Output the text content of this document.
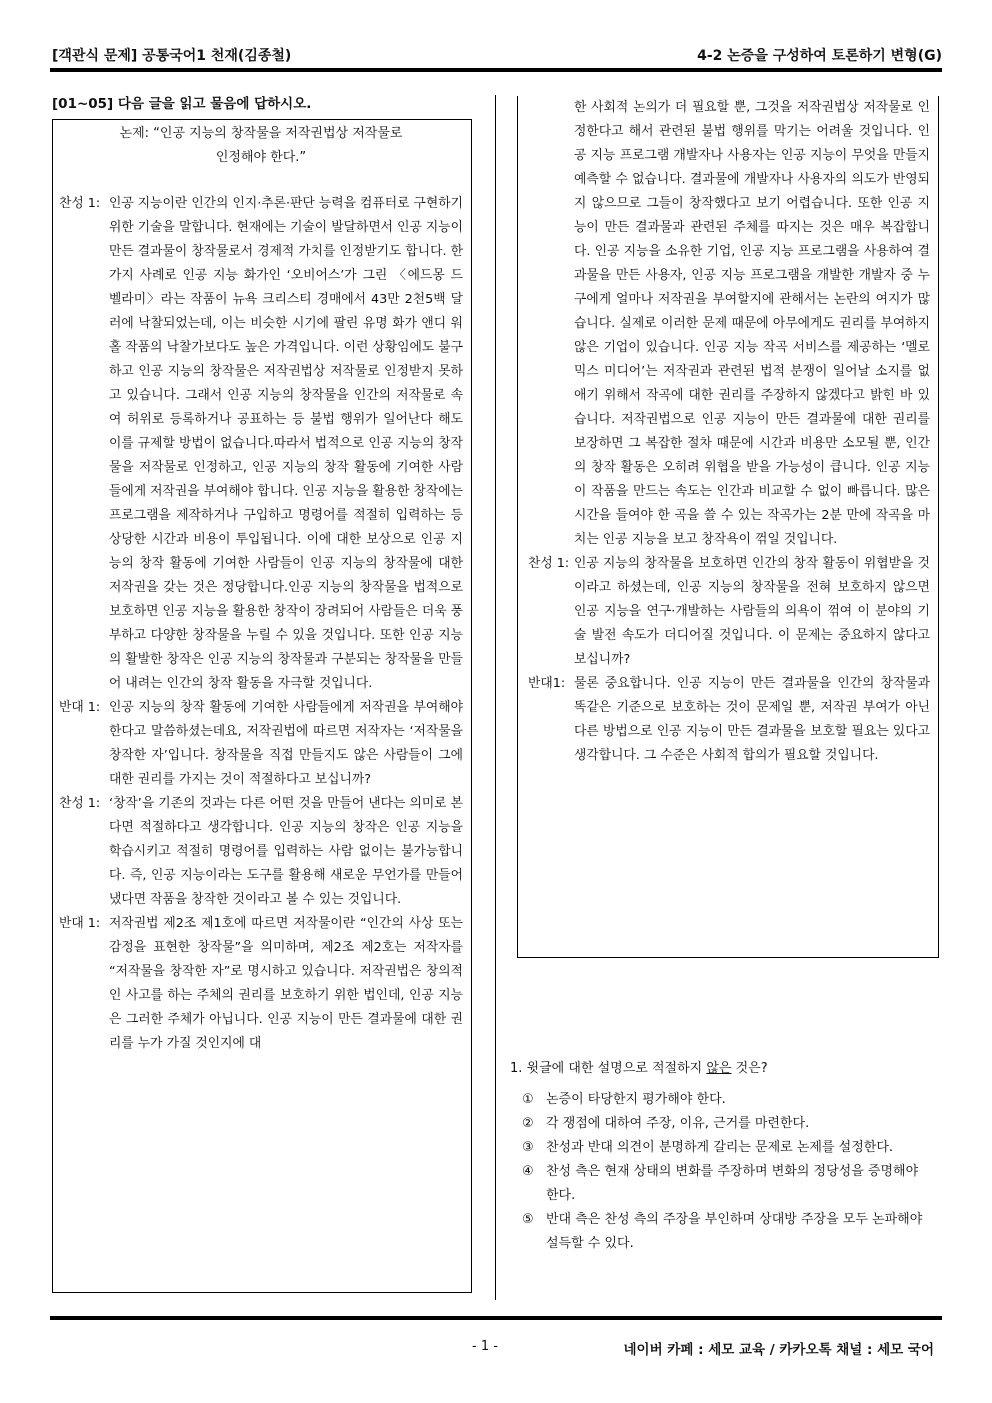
[객관식 문제] 공통국어1 천재(김종철)	4-2 논증을 구성하여 토론하기 변형(G)
[01~05] 다음 글을 읽고 물음에 답하시오.
논제: “인공 지능의 창작물을 저작권법상 저작물로
인정해야 한다.”
찬성 1: 인공 지능이란 인간의 인지·추론·판단 능력을 컴퓨터로 구현하기 위한 기술을 말합니다. 현재에는 기술이 발달하면서 인공 지능이 만든 결과물이 창작물로서 경제적 가치를 인정받기도 합니다. 한 가지 사례로 인공 지능 화가인 ‘오비어스’가 그린 〈에드몽 드 벨라미〉라는 작품이 뉴욕 크리스티 경매에서 43만 2천5백 달러에 낙찰되었는데, 이는 비슷한 시기에 팔린 유명 화가 앤디 워홀 작품의 낙찰가보다도 높은 가격입니다. 이런 상황임에도 불구하고 인공 지능의 창작물은 저작권법상 저작물로 인정받지 못하고 있습니다. 그래서 인공 지능의 창작물을 인간의 저작물로 속여 허위로 등록하거나 공표하는 등 불법 행위가 일어난다 해도 이를 규제할 방법이 없습니다.따라서 법적으로 인공 지능의 창작물을 저작물로 인정하고, 인공 지능의 창작 활동에 기여한 사람들에게 저작권을 부여해야 합니다. 인공 지능을 활용한 창작에는 프로그램을 제작하거나 구입하고 명령어를 적절히 입력하는 등 상당한 시간과 비용이 투입됩니다. 이에 대한 보상으로 인공 지능의 창작 활동에 기여한 사람들이 인공 지능의 창작물에 대한 저작권을 갖는 것은 정당합니다.인공 지능의 창작물을 법적으로 보호하면 인공 지능을 활용한 창작이 장려되어 사람들은 더욱 풍부하고 다양한 창작물을 누릴 수 있을 것입니다. 또한 인공 지능의 활발한 창작은 인공 지능의 창작물과 구분되는 창작물을 만들어 내려는 인간의 창작 활동을 자극할 것입니다.
반대 1: 인공 지능의 창작 활동에 기여한 사람들에게 저작권을 부여해야 한다고 말씀하셨는데요, 저작권법에 따르면 저작자는 ‘저작물을 창작한 자’입니다. 창작물을 직접 만들지도 않은 사람들이 그에 대한 권리를 가지는 것이 적절하다고 보십니까?
찬성 1: ‘창작’을 기존의 것과는 다른 어떤 것을 만들어 낸다는 의미로 본다면 적절하다고 생각합니다. 인공 지능의 창작은 인공 지능을 학습시키고 적절히 명령어를 입력하는 사람 없이는 불가능합니다. 즉, 인공 지능이라는 도구를 활용해 새로운 무언가를 만들어 냈다면 작품을 창작한 것이라고 볼 수 있는 것입니다.
반대 1: 저작권법 제2조 제1호에 따르면 저작물이란 “인간의 사상 또는 감정을 표현한 창작물”을 의미하며, 제2조 제2호는 저작자를 “저작물을 창작한 자”로 명시하고 있습니다. 저작권법은 창의적인 사고를 하는 주체의 권리를 보호하기 위한 법인데, 인공 지능은 그러한 주체가 아닙니다. 인공 지능이 만든 결과물에 대한 권리를 누가 가질 것인지에 대
한 사회적 논의가 더 필요할 뿐, 그것을 저작권법상 저작물로 인정한다고 해서 관련된 불법 행위를 막기는 어려울 것입니다. 인공 지능 프로그램 개발자나 사용자는 인공 지능이 무엇을 만들지 예측할 수 없습니다. 결과물에 개발자나 사용자의 의도가 반영되지 않으므로 그들이 창작했다고 보기 어렵습니다. 또한 인공 지능이 만든 결과물과 관련된 주체를 따지는 것은 매우 복잡합니다. 인공 지능을 소유한 기업, 인공 지능 프로그램을 사용하여 결과물을 만든 사용자, 인공 지능 프로그램을 개발한 개발자 중 누구에게 얼마나 저작권을 부여할지에 관해서는 논란의 여지가 많습니다. 실제로 이러한 문제 때문에 아무에게도 권리를 부여하지 않은 기업이 있습니다. 인공 지능 작곡 서비스를 제공하는 ‘멜로믹스 미디어’는 저작권과 관련된 법적 분쟁이 일어날 소지를 없애기 위해서 작곡에 대한 권리를 주장하지 않겠다고 밝힌 바 있습니다. 저작권법으로 인공 지능이 만든 결과물에 대한 권리를 보장하면 그 복잡한 절차 때문에 시간과 비용만 소모될 뿐, 인간의 창작 활동은 오히려 위협을 받을 가능성이 큽니다. 인공 지능이 작품을 만드는 속도는 인간과 비교할 수 없이 빠릅니다. 많은 시간을 들여야 한 곡을 쓸 수 있는 작곡가는 2분 만에 작곡을 마치는 인공 지능을 보고 창작욕이 꺾일 것입니다.
찬성 1: 인공 지능의 창작물을 보호하면 인간의 창작 활동이 위협받을 것이라고 하셨는데, 인공 지능의 창작물을 전혀 보호하지 않으면 인공 지능을 연구·개발하는 사람들의 의욕이 꺾여 이 분야의 기술 발전 속도가 더디어질 것입니다. 이 문제는 중요하지 않다고 보십니까?
반대1: 물론 중요합니다. 인공 지능이 만든 결과물을 인간의 창작물과 똑같은 기준으로 보호하는 것이 문제일 뿐, 저작권 부여가 아닌 다른 방법으로 인공 지능이 만든 결과물을 보호할 필요는 있다고 생각합니다. 그 수준은 사회적 합의가 필요할 것입니다.
1. 윗글에 대한 설명으로 적절하지 않은 것은?
① 논증이 타당한지 평가해야 한다.
② 각 쟁점에 대하여 주장, 이유, 근거를 마련한다.
③ 찬성과 반대 의견이 분명하게 갈리는 문제로 논제를 설정한다.
④ 찬성 측은 현재 상태의 변화를 주장하며 변화의 정당성을 증명해야 한다.
⑤ 반대 측은 찬성 측의 주장을 부인하며 상대방 주장을 모두 논파해야 설득할 수 있다.
- 1 -	네이버 카페 : 세모 교육 / 카카오톡 채널 : 세모 국어
